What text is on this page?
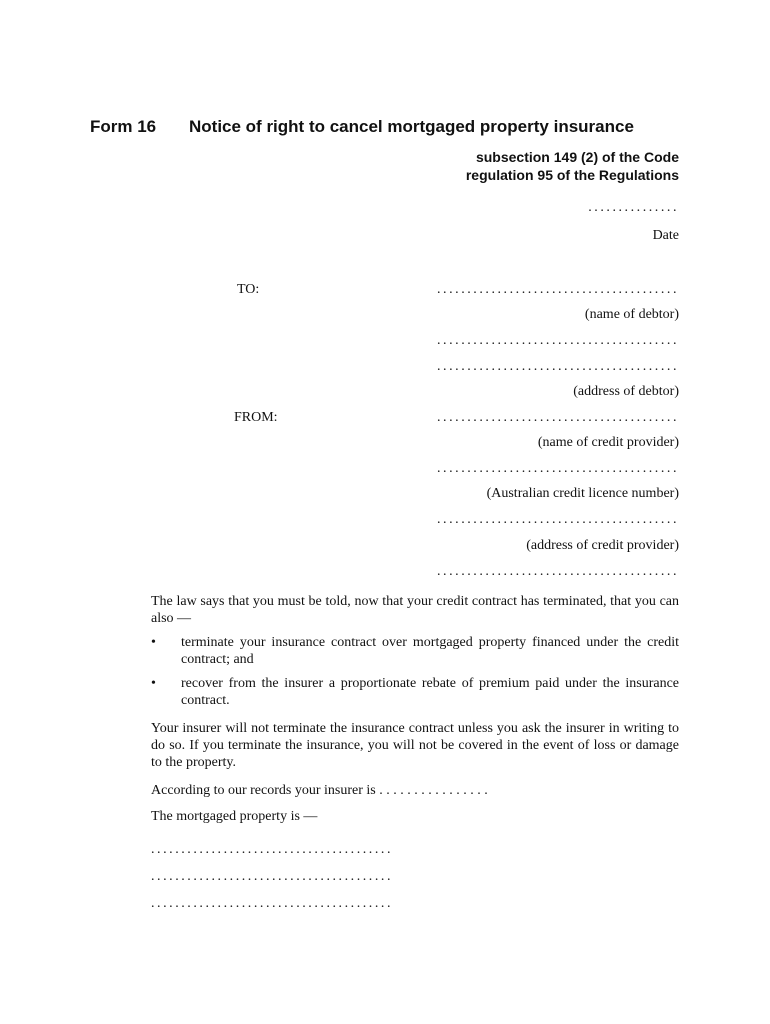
Form 16 Notice of right to cancel mortgaged property insurance
subsection 149 (2) of the Code
regulation 95 of the Regulations
...............
Date
TO:	........................................
(name of debtor)
........................................
........................................
(address of debtor)
FROM:	........................................
(name of credit provider)
........................................
(Australian credit licence number)
........................................
(address of credit provider)
........................................
The law says that you must be told, now that your credit contract has terminated, that you can also —
• terminate your insurance contract over mortgaged property financed under the credit contract; and
• recover from the insurer a proportionate rebate of premium paid under the insurance contract.
Your insurer will not terminate the insurance contract unless you ask the insurer in writing to do so. If you terminate the insurance, you will not be covered in the event of loss or damage to the property.
According to our records your insurer is . . . . . . . . . . . . . . . .
The mortgaged property is —
........................................
........................................
........................................
